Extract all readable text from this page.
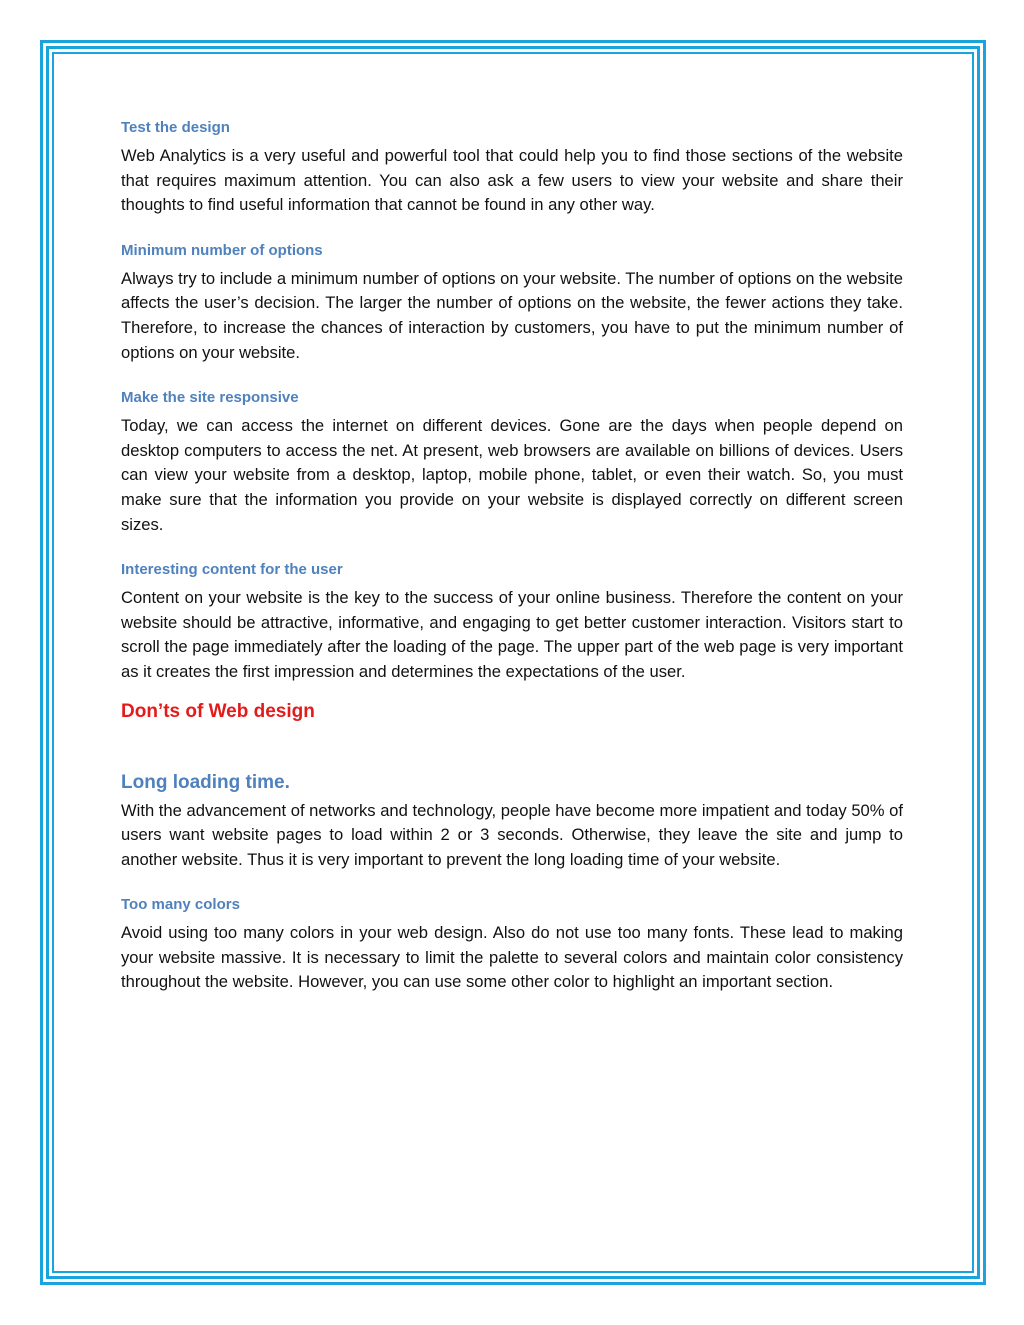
Test the design

Web Analytics is a very useful and powerful tool that could help you to find those sections of the website that requires maximum attention. You can also ask a few users to view your website and share their thoughts to find useful information that cannot be found in any other way.

Minimum number of options

Always try to include a minimum number of options on your website. The number of options on the website affects the user’s decision. The larger the number of options on the website, the fewer actions they take. Therefore, to increase the chances of interaction by customers, you have to put the minimum number of options on your website.

Make the site responsive

Today, we can access the internet on different devices. Gone are the days when people depend on desktop computers to access the net. At present, web browsers are available on billions of devices. Users can view your website from a desktop, laptop, mobile phone, tablet, or even their watch. So, you must make sure that the information you provide on your website is displayed correctly on different screen sizes.

Interesting content for the user

Content on your website is the key to the success of your online business. Therefore the content on your website should be attractive, informative, and engaging to get better customer interaction. Visitors start to scroll the page immediately after the loading of the page. The upper part of the web page is very important as it creates the first impression and determines the expectations of the user.

Don’ts of Web design
Long loading time.

With the advancement of networks and technology, people have become more impatient and today 50% of users want website pages to load within 2 or 3 seconds. Otherwise, they leave the site and jump to another website. Thus it is very important to prevent the long loading time of your website.

Too many colors

Avoid using too many colors in your web design. Also do not use too many fonts. These lead to making your website massive. It is necessary to limit the palette to several colors and maintain color consistency throughout the website. However, you can use some other color to highlight an important section.
